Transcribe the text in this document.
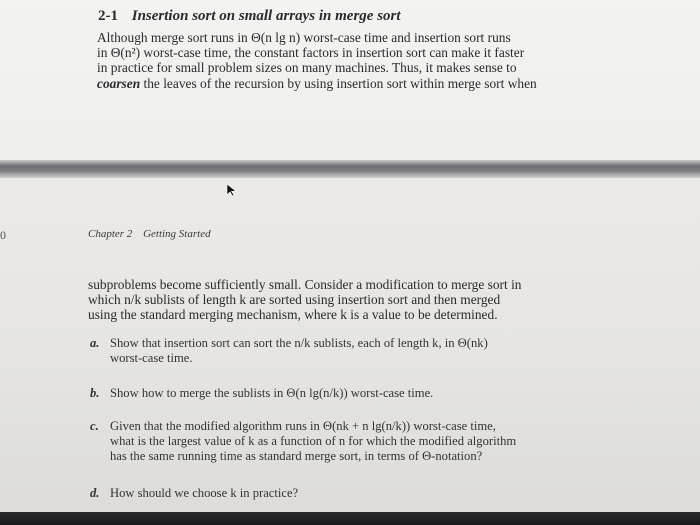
2-1 Insertion sort on small arrays in merge sort
Although merge sort runs in Θ(n lg n) worst-case time and insertion sort runs
in Θ(n²) worst-case time, the constant factors in insertion sort can make it faster
in practice for small problem sizes on many machines. Thus, it makes sense to
coarsen the leaves of the recursion by using insertion sort within merge sort when
0	Chapter 2 Getting Started
subproblems become sufficiently small. Consider a modification to merge sort in
which n/k sublists of length k are sorted using insertion sort and then merged
using the standard merging mechanism, where k is a value to be determined.
a. Show that insertion sort can sort the n/k sublists, each of length k, in Θ(nk)
worst-case time.
b. Show how to merge the sublists in Θ(n lg(n/k)) worst-case time.
c. Given that the modified algorithm runs in Θ(nk + n lg(n/k)) worst-case time,
what is the largest value of k as a function of n for which the modified algorithm
has the same running time as standard merge sort, in terms of Θ-notation?
d. How should we choose k in practice?
